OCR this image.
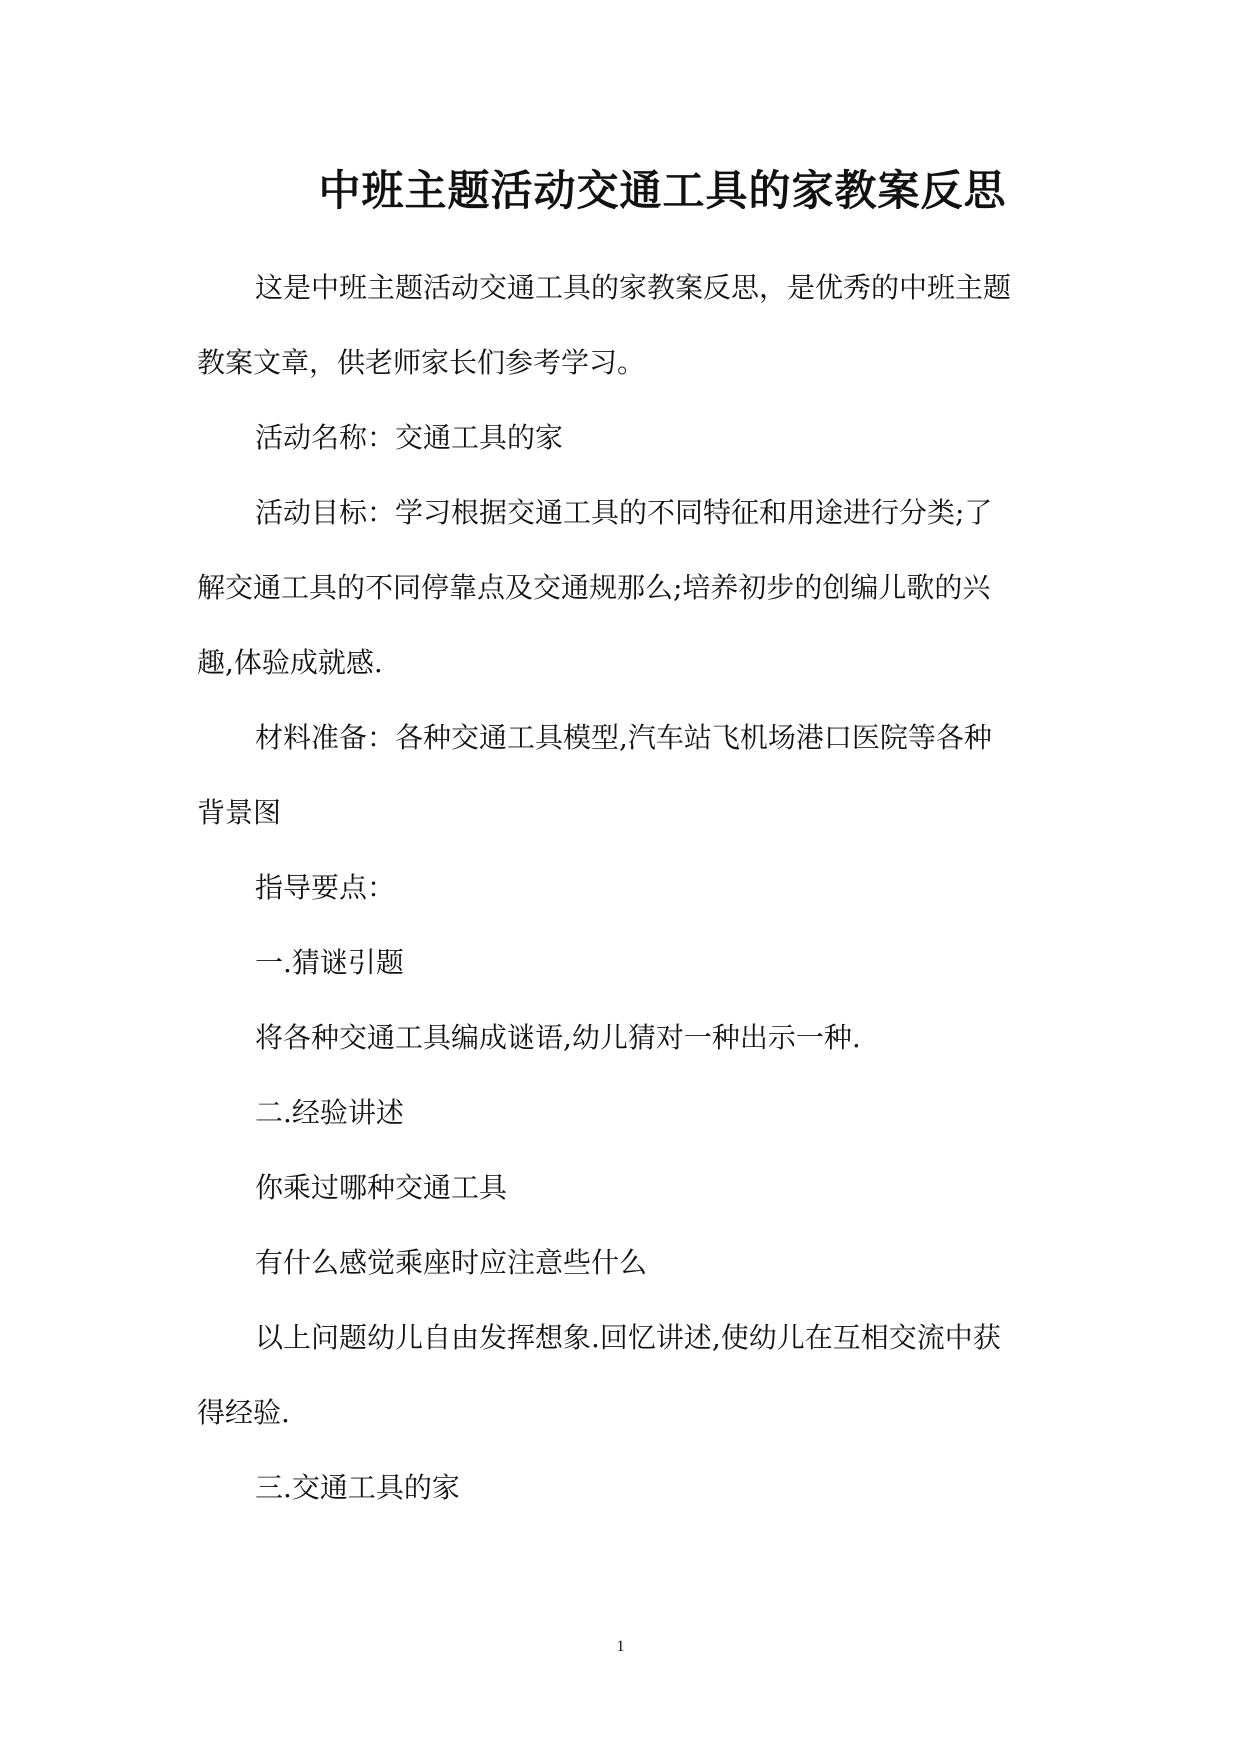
中班主题活动交通工具的家教案反思
这是中班主题活动交通工具的家教案反思，是优秀的中班主题
教案文章，供老师家长们参考学习。
活动名称：交通工具的家
活动目标：学习根据交通工具的不同特征和用途进行分类;了
解交通工具的不同停靠点及交通规那么;培养初步的创编儿歌的兴
趣,体验成就感.
材料准备：各种交通工具模型,汽车站飞机场港口医院等各种
背景图
指导要点：
一.猜谜引题
将各种交通工具编成谜语,幼儿猜对一种出示一种.
二.经验讲述
你乘过哪种交通工具
有什么感觉乘座时应注意些什么
以上问题幼儿自由发挥想象.回忆讲述,使幼儿在互相交流中获
得经验.
三.交通工具的家
1
